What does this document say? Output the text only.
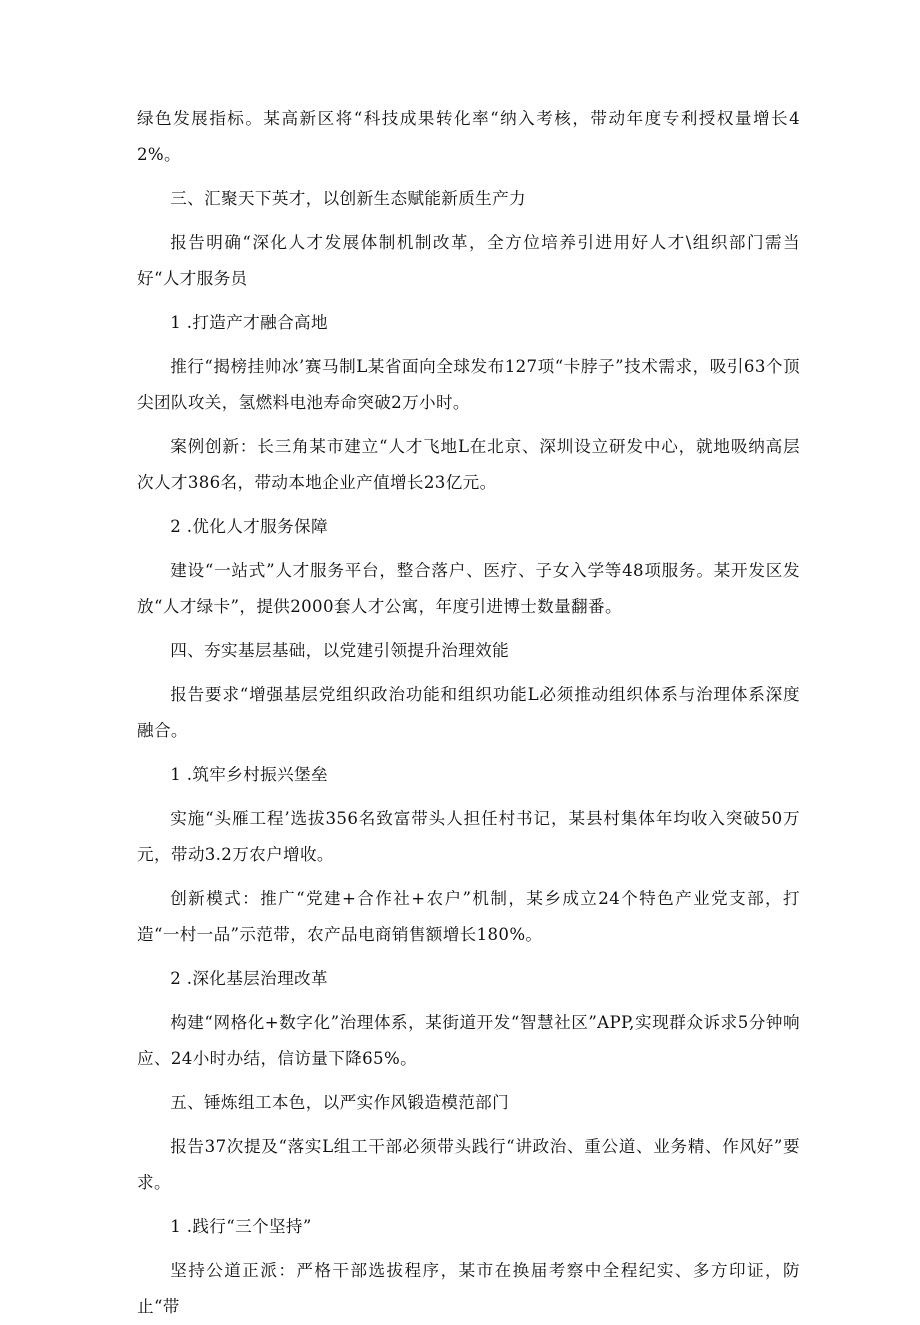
绿色发展指标。某高新区将“科技成果转化率“纳入考核，带动年度专利授权量增长42%。

三、汇聚天下英才，以创新生态赋能新质生产力

报告明确“深化人才发展体制机制改革，全方位培养引进用好人才\组织部门需当好“人才服务员

1 .打造产才融合高地

推行“揭榜挂帅冰’赛马制L某省面向全球发布127项“卡脖子”技术需求，吸引63个顶尖团队攻关，氢燃料电池寿命突破2万小时。

案例创新：长三角某市建立“人才飞地L在北京、深圳设立研发中心，就地吸纳高层次人才386名，带动本地企业产值增长23亿元。

2 .优化人才服务保障

建设“一站式”人才服务平台，整合落户、医疗、子女入学等48项服务。某开发区发放“人才绿卡”，提供2000套人才公寓，年度引进博士数量翻番。

四、夯实基层基础，以党建引领提升治理效能

报告要求“增强基层党组织政治功能和组织功能L必须推动组织体系与治理体系深度融合。

1 .筑牢乡村振兴堡垒

实施“头雁工程’选拔356名致富带头人担任村书记，某县村集体年均收入突破50万元，带动3.2万农户增收。

创新模式：推广“党建+合作社+农户”机制，某乡成立24个特色产业党支部，打造“一村一品”示范带，农产品电商销售额增长180%。

2 .深化基层治理改革

构建“网格化+数字化”治理体系，某街道开发“智慧社区”APP,实现群众诉求5分钟响应、24小时办结，信访量下降65%。

五、锤炼组工本色，以严实作风锻造模范部门

报告37次提及“落实L组工干部必须带头践行“讲政治、重公道、业务精、作风好”要求。

1 .践行“三个坚持”

坚持公道正派：严格干部选拔程序，某市在换届考察中全程纪实、多方印证，防止“带
